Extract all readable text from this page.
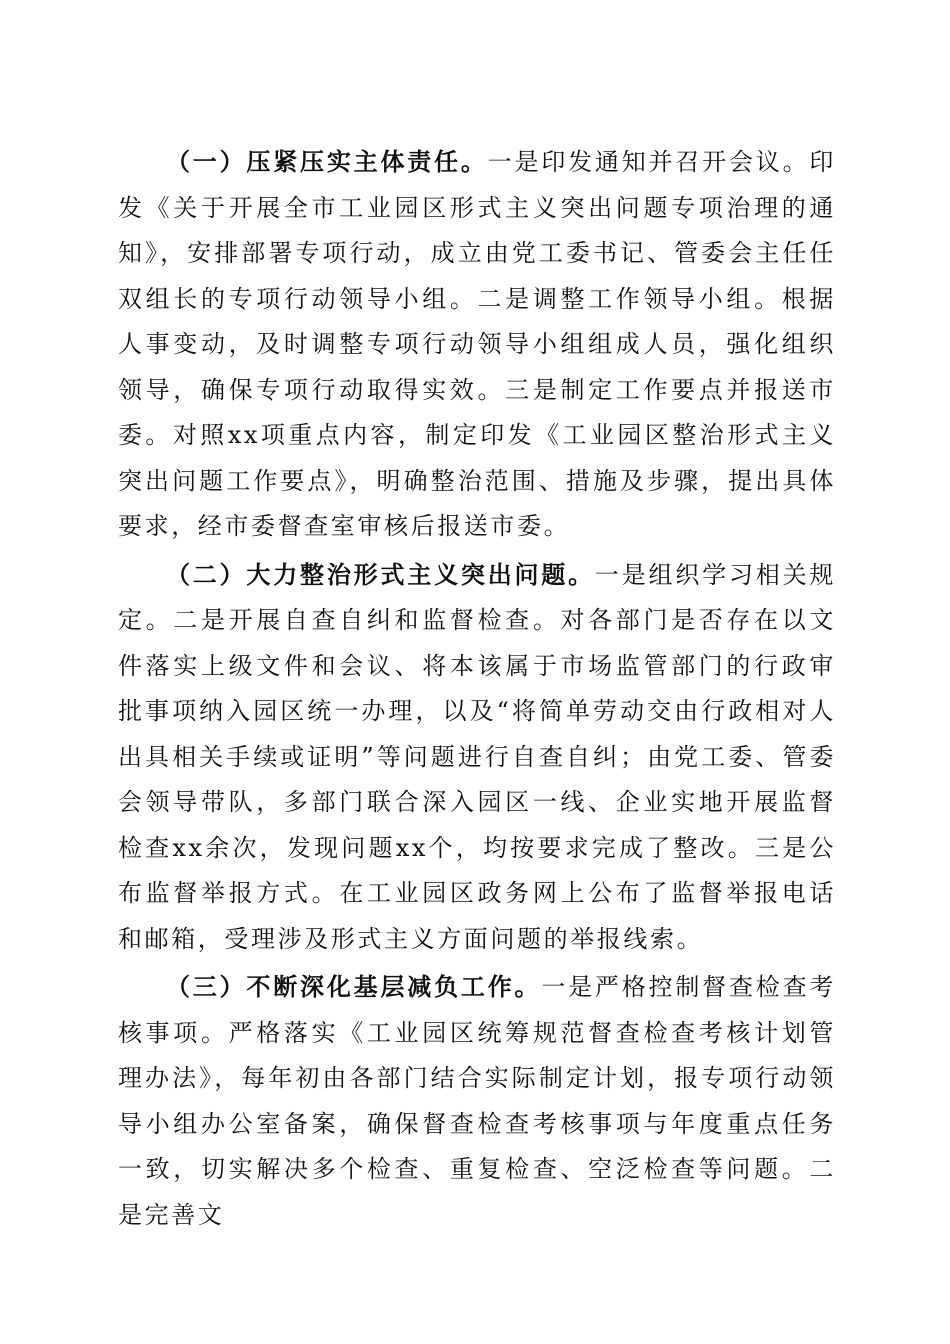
（一）压紧压实主体责任。一是印发通知并召开会议。印发《关于开展全市工业园区形式主义突出问题专项治理的通知》，安排部署专项行动，成立由党工委书记、管委会主任任双组长的专项行动领导小组。二是调整工作领导小组。根据人事变动，及时调整专项行动领导小组组成人员，强化组织领导，确保专项行动取得实效。三是制定工作要点并报送市委。对照xx项重点内容，制定印发《工业园区整治形式主义突出问题工作要点》，明确整治范围、措施及步骤，提出具体要求，经市委督查室审核后报送市委。

（二）大力整治形式主义突出问题。一是组织学习相关规定。二是开展自查自纠和监督检查。对各部门是否存在以文件落实上级文件和会议、将本该属于市场监管部门的行政审批事项纳入园区统一办理，以及“将简单劳动交由行政相对人出具相关手续或证明”等问题进行自查自纠；由党工委、管委会领导带队，多部门联合深入园区一线、企业实地开展监督检查xx余次，发现问题xx个，均按要求完成了整改。三是公布监督举报方式。在工业园区政务网上公布了监督举报电话和邮箱，受理涉及形式主义方面问题的举报线索。

（三）不断深化基层减负工作。一是严格控制督查检查考核事项。严格落实《工业园区统筹规范督查检查考核计划管理办法》，每年初由各部门结合实际制定计划，报专项行动领导小组办公室备案，确保督查检查考核事项与年度重点任务一致，切实解决多个检查、重复检查、空泛检查等问题。二是完善文
